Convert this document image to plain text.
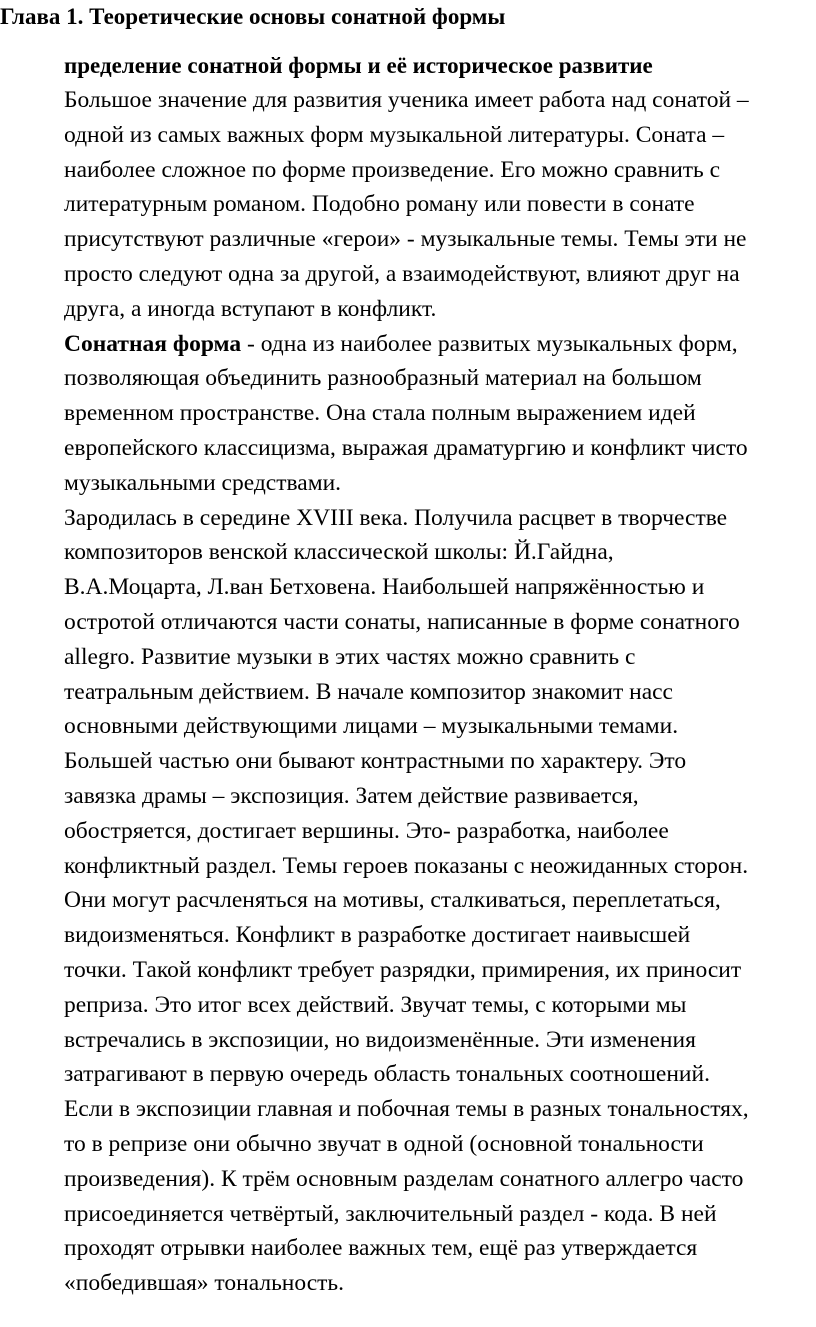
Глава 1. Теоретические основы сонатной формы
пределение сонатной формы и её историческое развитие
Большое значение для развития ученика имеет работа над сонатой –
одной из самых важных форм музыкальной литературы. Соната –
наиболее сложное по форме произведение. Его можно сравнить с
литературным романом. Подобно роману или повести в сонате
присутствуют различные «герои» - музыкальные темы. Темы эти не
просто следуют одна за другой, а взаимодействуют, влияют друг на
друга, а иногда вступают в конфликт.
Сонатная форма - одна из наиболее развитых музыкальных форм,
позволяющая объединить разнообразный материал на большом
временном пространстве. Она стала полным выражением идей
европейского классицизма, выражая драматургию и конфликт чисто
музыкальными средствами.
Зародилась в середине XVIII века. Получила расцвет в творчестве
композиторов венской классической школы: Й.Гайдна,
В.А.Моцарта, Л.ван Бетховена. Наибольшей напряжённостью и
остротой отличаются части сонаты, написанные в форме сонатного
allegro. Развитие музыки в этих частях можно сравнить с
театральным действием. В начале композитор знакомит насс
основными действующими лицами – музыкальными темами.
Большей частью они бывают контрастными по характеру. Это
завязка драмы – экспозиция. Затем действие развивается,
обостряется, достигает вершины. Это- разработка, наиболее
конфликтный раздел. Темы героев показаны с неожиданных сторон.
Они могут расчленяться на мотивы, сталкиваться, переплетаться,
видоизменяться. Конфликт в разработке достигает наивысшей
точки. Такой конфликт требует разрядки, примирения, их приносит
реприза. Это итог всех действий. Звучат темы, с которыми мы
встречались в экспозиции, но видоизменённые. Эти изменения
затрагивают в первую очередь область тональных соотношений.
Если в экспозиции главная и побочная темы в разных тональностях,
то в репризе они обычно звучат в одной (основной тональности
произведения). К трём основным разделам сонатного аллегро часто
присоединяется четвёртый, заключительный раздел - кода. В ней
проходят отрывки наиболее важных тем, ещё раз утверждается
«победившая» тональность.
